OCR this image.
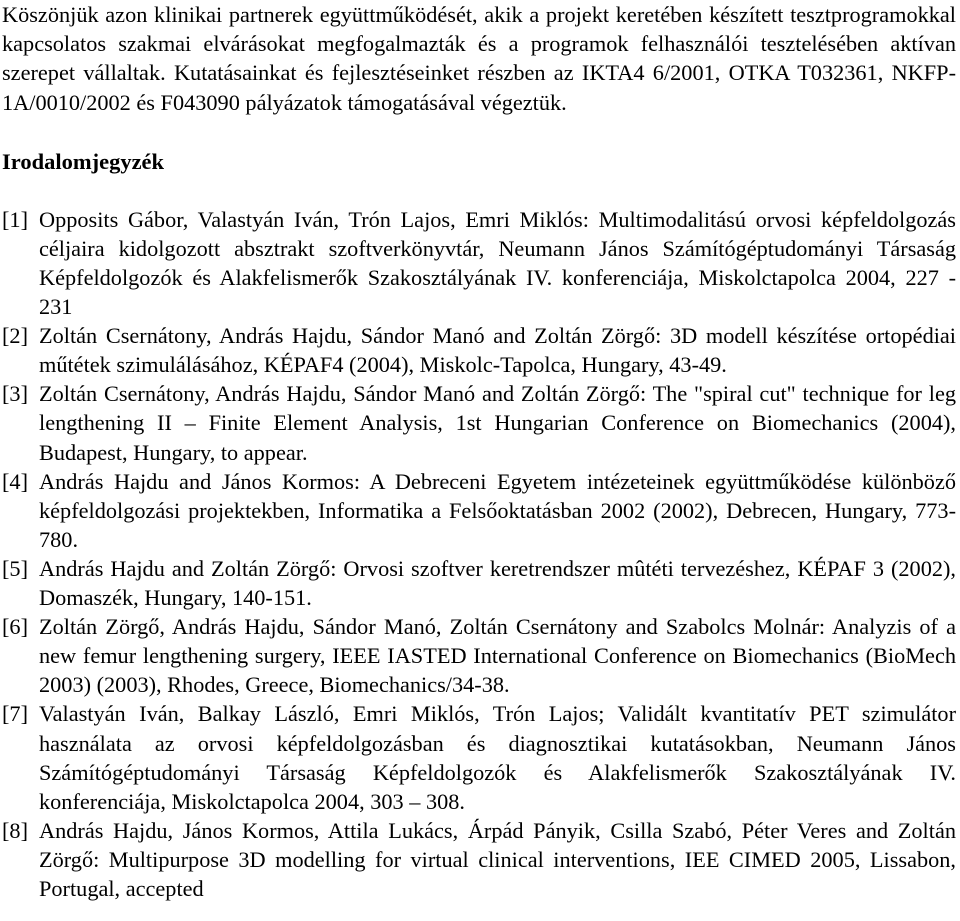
Köszönjük azon klinikai partnerek együttműködését, akik a projekt keretében készített tesztprogramokkal kapcsolatos szakmai elvárásokat megfogalmazták és a programok felhasználói tesztelésében aktívan szerepet vállaltak. Kutatásainkat és fejlesztéseinket részben az IKTA4 6/2001, OTKA T032361, NKFP-1A/0010/2002 és F043090 pályázatok támogatásával végeztük.

Irodalomjegyzék
[1] Opposits Gábor, Valastyán Iván, Trón Lajos, Emri Miklós: Multimodalitású orvosi képfeldolgozás céljaira kidolgozott absztrakt szoftverkönyvtár, Neumann János Számítógéptudományi Társaság Képfeldolgozók és Alakfelismerők Szakosztályának IV. konferenciája, Miskolctapolca 2004, 227 - 231
[2] Zoltán Csernátony, András Hajdu, Sándor Manó and Zoltán Zörgő: 3D modell készítése ortopédiai műtétek szimulálásához, KÉPAF4 (2004), Miskolc-Tapolca, Hungary, 43-49.
[3] Zoltán Csernátony, András Hajdu, Sándor Manó and Zoltán Zörgő: The "spiral cut" technique for leg lengthening II – Finite Element Analysis, 1st Hungarian Conference on Biomechanics (2004), Budapest, Hungary, to appear.
[4] András Hajdu and János Kormos: A Debreceni Egyetem intézeteinek együttműködése különböző képfeldolgozási projektekben, Informatika a Felsőoktatásban 2002 (2002), Debrecen, Hungary, 773-780.
[5] András Hajdu and Zoltán Zörgő: Orvosi szoftver keretrendszer mûtéti tervezéshez, KÉPAF 3 (2002), Domaszék, Hungary, 140-151.
[6] Zoltán Zörgő, András Hajdu, Sándor Manó, Zoltán Csernátony and Szabolcs Molnár: Analyzis of a new femur lengthening surgery, IEEE IASTED International Conference on Biomechanics (BioMech 2003) (2003), Rhodes, Greece, Biomechanics/34-38.
[7] Valastyán Iván, Balkay László, Emri Miklós, Trón Lajos; Validált kvantitatív PET szimulátor használata az orvosi képfeldolgozásban és diagnosztikai kutatásokban, Neumann János Számítógéptudományi Társaság Képfeldolgozók és Alakfelismerők Szakosztályának IV. konferenciája, Miskolctapolca 2004, 303 – 308.
[8] András Hajdu, János Kormos, Attila Lukács, Árpád Pányik, Csilla Szabó, Péter Veres and Zoltán Zörgő: Multipurpose 3D modelling for virtual clinical interventions, IEE CIMED 2005, Lissabon, Portugal, accepted
